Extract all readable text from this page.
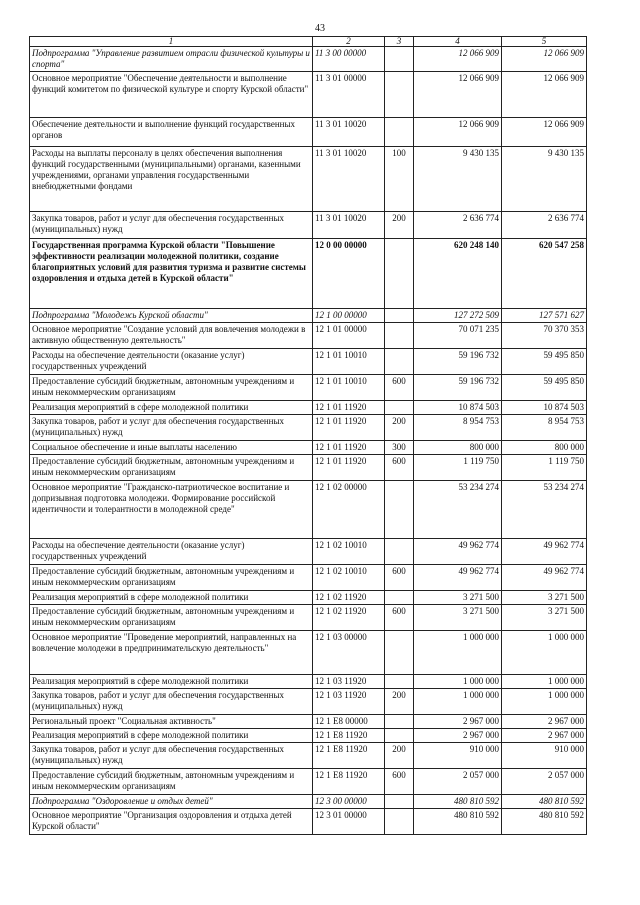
43
1	2	3	4	5
Подпрограмма "Управление развитием отрасли физической культуры и спорта"	11 3 00 00000		12 066 909	12 066 909
Основное мероприятие "Обеспечение деятельности и выполнение функций комитетом по физической культуре и спорту Курской области"	11 3 01 00000		12 066 909	12 066 909
Обеспечение деятельности и выполнение функций государственных органов	11 3 01 10020		12 066 909	12 066 909
Расходы на выплаты персоналу в целях обеспечения выполнения функций государственными (муниципальными) органами, казенными учреждениями, органами управления государственными внебюджетными фондами	11 3 01 10020	100	9 430 135	9 430 135
Закупка товаров, работ и услуг для обеспечения государственных (муниципальных) нужд	11 3 01 10020	200	2 636 774	2 636 774
Государственная программа Курской области "Повышение эффективности реализации молодежной политики, создание благоприятных условий для развития туризма и развитие системы оздоровления и отдыха детей в Курской области"	12 0 00 00000		620 248 140	620 547 258
Подпрограмма "Молодежь Курской области"	12 1 00 00000		127 272 509	127 571 627
Основное мероприятие "Создание условий для вовлечения молодежи в активную общественную деятельность"	12 1 01 00000		70 071 235	70 370 353
Расходы на обеспечение деятельности (оказание услуг) государственных учреждений	12 1 01 10010		59 196 732	59 495 850
Предоставление субсидий бюджетным, автономным учреждениям и иным некоммерческим организациям	12 1 01 10010	600	59 196 732	59 495 850
Реализация мероприятий в сфере молодежной политики	12 1 01 11920		10 874 503	10 874 503
Закупка товаров, работ и услуг для обеспечения государственных (муниципальных) нужд	12 1 01 11920	200	8 954 753	8 954 753
Социальное обеспечение и иные выплаты населению	12 1 01 11920	300	800 000	800 000
Предоставление субсидий бюджетным, автономным учреждениям и иным некоммерческим организациям	12 1 01 11920	600	1 119 750	1 119 750
Основное мероприятие "Гражданско-патриотическое воспитание и допризывная подготовка молодежи. Формирование российской идентичности и толерантности в молодежной среде"	12 1 02 00000		53 234 274	53 234 274
Расходы на обеспечение деятельности (оказание услуг) государственных учреждений	12 1 02 10010		49 962 774	49 962 774
Предоставление субсидий бюджетным, автономным учреждениям и иным некоммерческим организациям	12 1 02 10010	600	49 962 774	49 962 774
Реализация мероприятий в сфере молодежной политики	12 1 02 11920		3 271 500	3 271 500
Предоставление субсидий бюджетным, автономным учреждениям и иным некоммерческим организациям	12 1 02 11920	600	3 271 500	3 271 500
Основное мероприятие "Проведение мероприятий, направленных на вовлечение молодежи в предпринимательскую деятельность"	12 1 03 00000		1 000 000	1 000 000
Реализация мероприятий в сфере молодежной политики	12 1 03 11920		1 000 000	1 000 000
Закупка товаров, работ и услуг для обеспечения государственных (муниципальных) нужд	12 1 03 11920	200	1 000 000	1 000 000
Региональный проект "Социальная активность"	12 1 E8 00000		2 967 000	2 967 000
Реализация мероприятий в сфере молодежной политики	12 1 E8 11920		2 967 000	2 967 000
Закупка товаров, работ и услуг для обеспечения государственных (муниципальных) нужд	12 1 E8 11920	200	910 000	910 000
Предоставление субсидий бюджетным, автономным учреждениям и иным некоммерческим организациям	12 1 E8 11920	600	2 057 000	2 057 000
Подпрограмма "Оздоровление и отдых детей"	12 3 00 00000		480 810 592	480 810 592
Основное мероприятие "Организация оздоровления и отдыха детей Курской области"	12 3 01 00000		480 810 592	480 810 592
